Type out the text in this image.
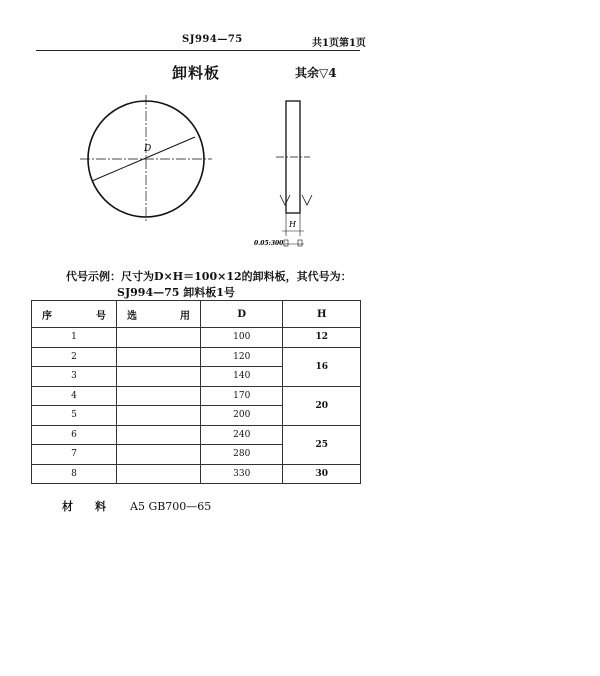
SJ994—75	共1页第1页
卸料板	其余▽4
D
H
0.05:300
代号示例：尺寸为D×H＝100×12的卸料板，其代号为：
SJ994—75 卸料板1号
序 号	选 用	D	H
1		100	12
2		120	16
3		140	
4		170	20
5		200	
6		240	25
7		280	
8		330	30
材料 A5 GB700—65
